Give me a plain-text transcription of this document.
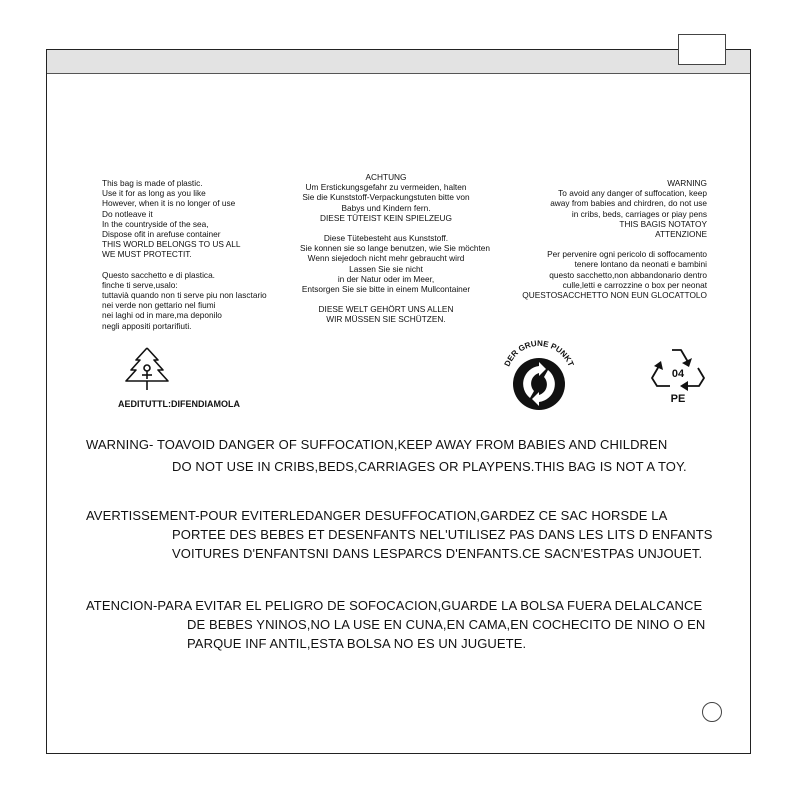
This bag is made of plastic.
Use it for as long as you like
However, when it is no longer of use
Do notleave it
In the countryside of the sea,
Dispose ofit in arefuse container
THIS WORLD BELONGS TO US ALL
WE MUST PROTECTIT.
Questo sacchetto e di plastica.
finche ti serve,usalo:
tuttavià quando non ti serve piu non lasctario
nei verde non gettario nel fiumi
nei laghi od in mare,ma deponilo
negli appositi portarifiuti.
ACHTUNG
Um Erstickungsgefahr zu vermeiden, halten
Sie die Kunststoff-Verpackungstuten bitte von
Babys und Kindern fern.
DIESE TÜTEIST KEIN SPIELZEUG
Diese Tütebesteht aus Kunststoff.
Sie konnen sie so lange benutzen, wie Sie möchten
Wenn siejedoch nicht mehr gebraucht wird
Lassen Sie sie nicht
in der Natur oder im Meer,
Entsorgen Sie sie bitte in einem Mullcontainer
DIESE WELT GEHÖRT UNS ALLEN
WIR MÜSSEN SIE SCHÜTZEN.
WARNING
To avoid any danger of suffocation, keep
away from babies and chirdren, do not use
in cribs, beds, carriages or piay pens
THIS BAGIS NOTATOY
ATTENZIONE
Per pervenire ogni pericolo di soffocamento
tenere lontano da neonati e bambini
questo sacchetto,non abbandonario dentro
culle,letti e carrozzine o box per neonat
QUESTOSACCHETTO NON EUN GLOCATTOLO
AEDITUTTL:DIFENDIAMOLA
DER GRUNE PUNKT
04
PE
WARNING- TOAVOID DANGER OF SUFFOCATION,KEEP AWAY FROM BABIES AND CHILDREN
DO NOT USE IN CRIBS,BEDS,CARRIAGES OR PLAYPENS.THIS BAG IS NOT A TOY.
AVERTISSEMENT-POUR EVITERLEDANGER DESUFFOCATION,GARDEZ CE SAC HORSDE LA
PORTEE DES BEBES ET DESENFANTS NEL'UTILISEZ PAS DANS LES LITS D ENFANTS
VOITURES D'ENFANTSNI DANS LESPARCS D'ENFANTS.CE SACN'ESTPAS UNJOUET.
ATENCION-PARA EVITAR EL PELIGRO DE SOFOCACION,GUARDE LA BOLSA FUERA DELALCANCE
DE BEBES YNINOS,NO LA USE EN CUNA,EN CAMA,EN COCHECITO DE NINO O EN
PARQUE INF ANTIL,ESTA BOLSA NO ES UN JUGUETE.
